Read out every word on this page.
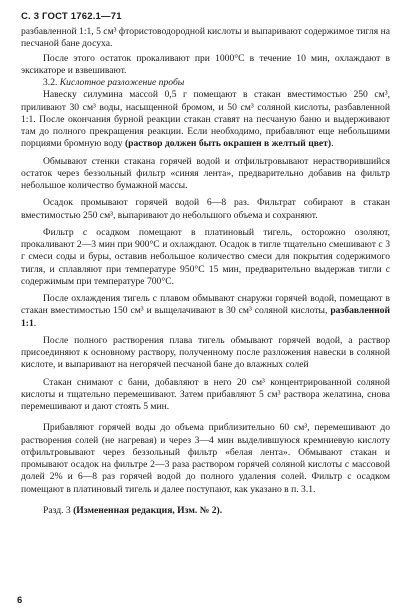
С. 3 ГОСТ 1762.1—71

разбавленной 1:1, 5 см³ фтористоводородной кислоты и выпаривают содержимое тигля на песчаной бане досуха.

После этого остаток прокаливают при 1000°С в течение 10 мин, охлаждают в эксикаторе и взвешивают.

3.2. Кислотное разложение пробы

Навеску силумина массой 0,5 г помещают в стакан вместимостью 250 см³, приливают 30 см³ воды, насыщенной бромом, и 50 см³ соляной кислоты, разбавленной 1:1. После окончания бурной реакции стакан ставят на песчаную баню и выдерживают там до полного прекращения реакции. Если необходимо, прибавляют еще небольшими порциями бромную воду (раствор должен быть окрашен в желтый цвет).

Обмывают стенки стакана горячей водой и отфильтровывают нерастворившийся остаток через беззольный фильтр «синяя лента», предварительно добавив на фильтр небольшое количество бумажной массы.

Осадок промывают горячей водой 6—8 раз. Фильтрат собирают в стакан вместимостью 250 см³, выпаривают до небольшого объема и сохраняют.

Фильтр с осадком помещают в платиновый тигель, осторожно озоляют, прокаливают 2—3 мин при 900°С и охлаждают. Осадок в тигле тщательно смешивают с 3 г смеси соды и буры, оставив небольшое количество смеси для покрытия содержимого тигля, и сплавляют при температуре 950°С 15 мин, предварительно выдержав тигли с содержимым при температуре 700°С.

После охлаждения тигель с плавом обмывают снаружи горячей водой, помещают в стакан вместимостью 150 см³ и выщелачивают в 30 см³ соляной кислоты, разбавленной 1:1.

После полного растворения плава тигель обмывают горячей водой, а раствор присоединяют к основному раствору, полученному после разложения навески в соляной кислоте, и выпаривают на негорячей песчаной бане до влажных солей

Стакан снимают с бани, добавляют в него 20 см³ концентрированной соляной кислоты и тщательно перемешивают. Затем прибавляют 5 см³ раствора желатина, снова перемешивают и дают стоять 5 мин.

Прибавляют горячей воды до объема приблизительно 60 см³, перемешивают до растворения солей (не нагревая) и через 3—4 мин выделившуюся кремниевую кислоту отфильтровывают через беззольный фильтр «белая лента». Обмывают стакан и промывают осадок на фильтре 2—3 раза раствором горячей соляной кислоты с массовой долей 2% и 6—8 раз горячей водой до полного удаления солей. Фильтр с осадком помещают в платиновый тигель и далее поступают, как указано в п. 3.1.

Разд. 3 (Измененная редакция, Изм. № 2).

6
